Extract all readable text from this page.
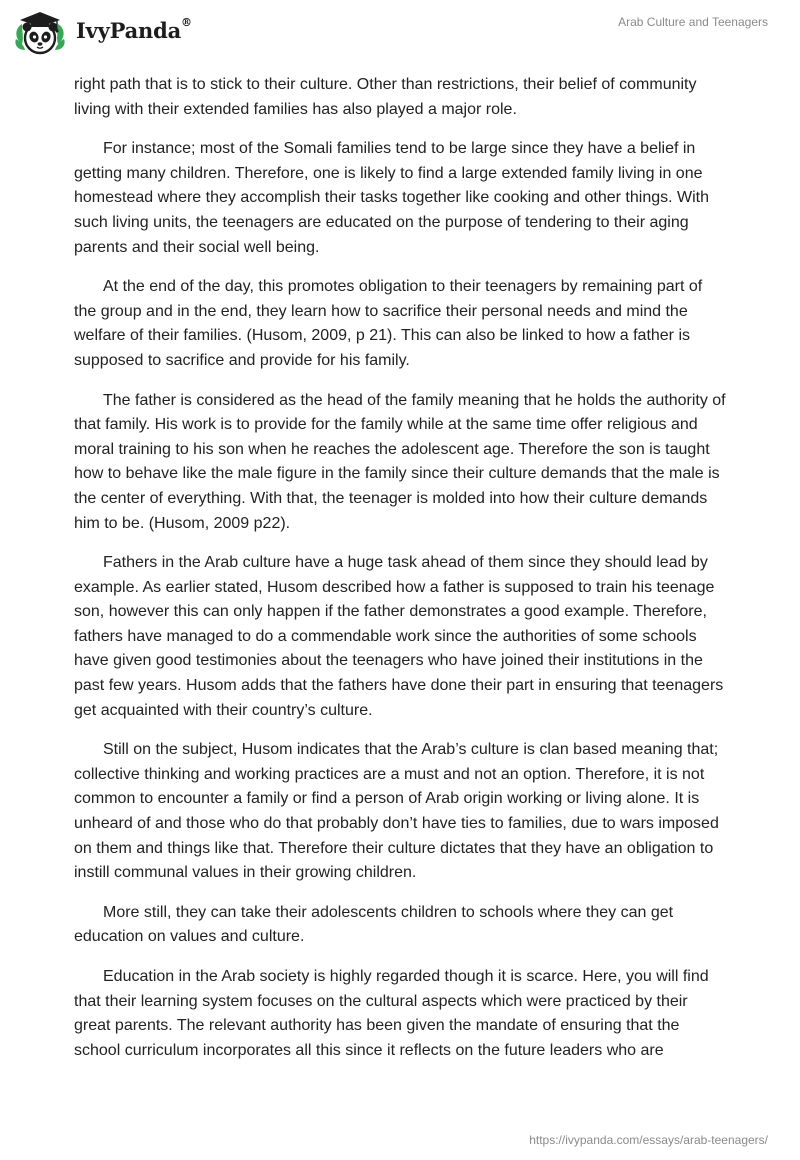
IvyPanda®	Arab Culture and Teenagers

right path that is to stick to their culture. Other than restrictions, their belief of community living with their extended families has also played a major role.

For instance; most of the Somali families tend to be large since they have a belief in getting many children. Therefore, one is likely to find a large extended family living in one homestead where they accomplish their tasks together like cooking and other things. With such living units, the teenagers are educated on the purpose of tendering to their aging parents and their social well being.

At the end of the day, this promotes obligation to their teenagers by remaining part of the group and in the end, they learn how to sacrifice their personal needs and mind the welfare of their families. (Husom, 2009, p 21). This can also be linked to how a father is supposed to sacrifice and provide for his family.

The father is considered as the head of the family meaning that he holds the authority of that family. His work is to provide for the family while at the same time offer religious and moral training to his son when he reaches the adolescent age. Therefore the son is taught how to behave like the male figure in the family since their culture demands that the male is the center of everything. With that, the teenager is molded into how their culture demands him to be. (Husom, 2009 p22).

Fathers in the Arab culture have a huge task ahead of them since they should lead by example. As earlier stated, Husom described how a father is supposed to train his teenage son, however this can only happen if the father demonstrates a good example. Therefore, fathers have managed to do a commendable work since the authorities of some schools have given good testimonies about the teenagers who have joined their institutions in the past few years. Husom adds that the fathers have done their part in ensuring that teenagers get acquainted with their country’s culture.

Still on the subject, Husom indicates that the Arab’s culture is clan based meaning that; collective thinking and working practices are a must and not an option. Therefore, it is not common to encounter a family or find a person of Arab origin working or living alone. It is unheard of and those who do that probably don’t have ties to families, due to wars imposed on them and things like that. Therefore their culture dictates that they have an obligation to instill communal values in their growing children.

More still, they can take their adolescents children to schools where they can get education on values and culture.

Education in the Arab society is highly regarded though it is scarce. Here, you will find that their learning system focuses on the cultural aspects which were practiced by their great parents. The relevant authority has been given the mandate of ensuring that the school curriculum incorporates all this since it reflects on the future leaders who are

https://ivypanda.com/essays/arab-teenagers/
